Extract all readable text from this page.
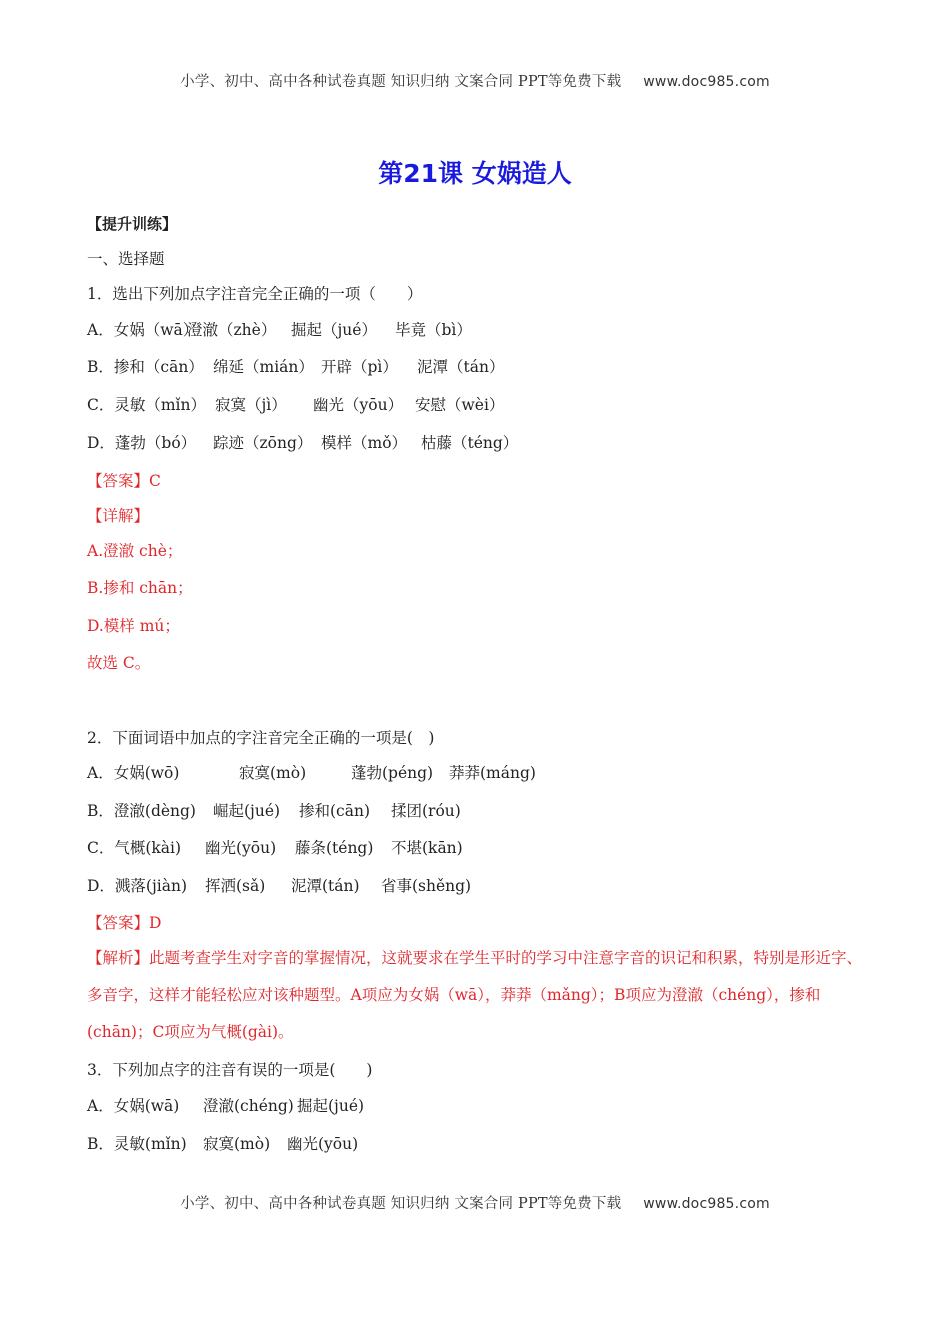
小学、初中、高中各种试卷真题 知识归纳 文案合同 PPT等免费下载 www.doc985.com
第21课 女娲造人
【提升训练】
一、选择题
1．选出下列加点字注音完全正确的一项（　　）
A．女娲（wā）澄澈（zhè） 掘起（jué） 毕竟（bì）
B．掺和（cān） 绵延（mián） 开辟（pì） 泥潭（tán）
C．灵敏（mǐn） 寂寞（jì） 幽光（yōu） 安慰（wèi）
D．蓬勃（bó） 踪迹（zōng） 模样（mǒ） 枯藤（téng）
【答案】C
【详解】
A.澄澈 chè；
B.掺和 chān；
D.模样 mú；
故选 C。
2．下面词语中加点的字注音完全正确的一项是(　)
A．女娲(wō)	寂寞(mò)	蓬勃(péng) 莽莽(máng)
B．澄澈(dèng) 崛起(jué) 掺和(cān) 揉团(róu)
C．气概(kài) 幽光(yōu) 藤条(téng) 不堪(kān)
D．溅落(jiàn) 挥洒(sǎ) 泥潭(tán) 省事(shěng)
【答案】D
【解析】此题考查学生对字音的掌握情况，这就要求在学生平时的学习中注意字音的识记和积累，特别是形近字、多音字，这样才能轻松应对该种题型。A项应为女娲（wā），莽莽（mǎng）；B项应为澄澈（chéng），掺和(chān)；C项应为气概(gài)。
3．下列加点字的注音有误的一项是(　　)
A．女娲(wā) 澄澈(chéng) 掘起(jué)
B．灵敏(mǐn) 寂寞(mò) 幽光(yōu)
小学、初中、高中各种试卷真题 知识归纳 文案合同 PPT等免费下载 www.doc985.com
